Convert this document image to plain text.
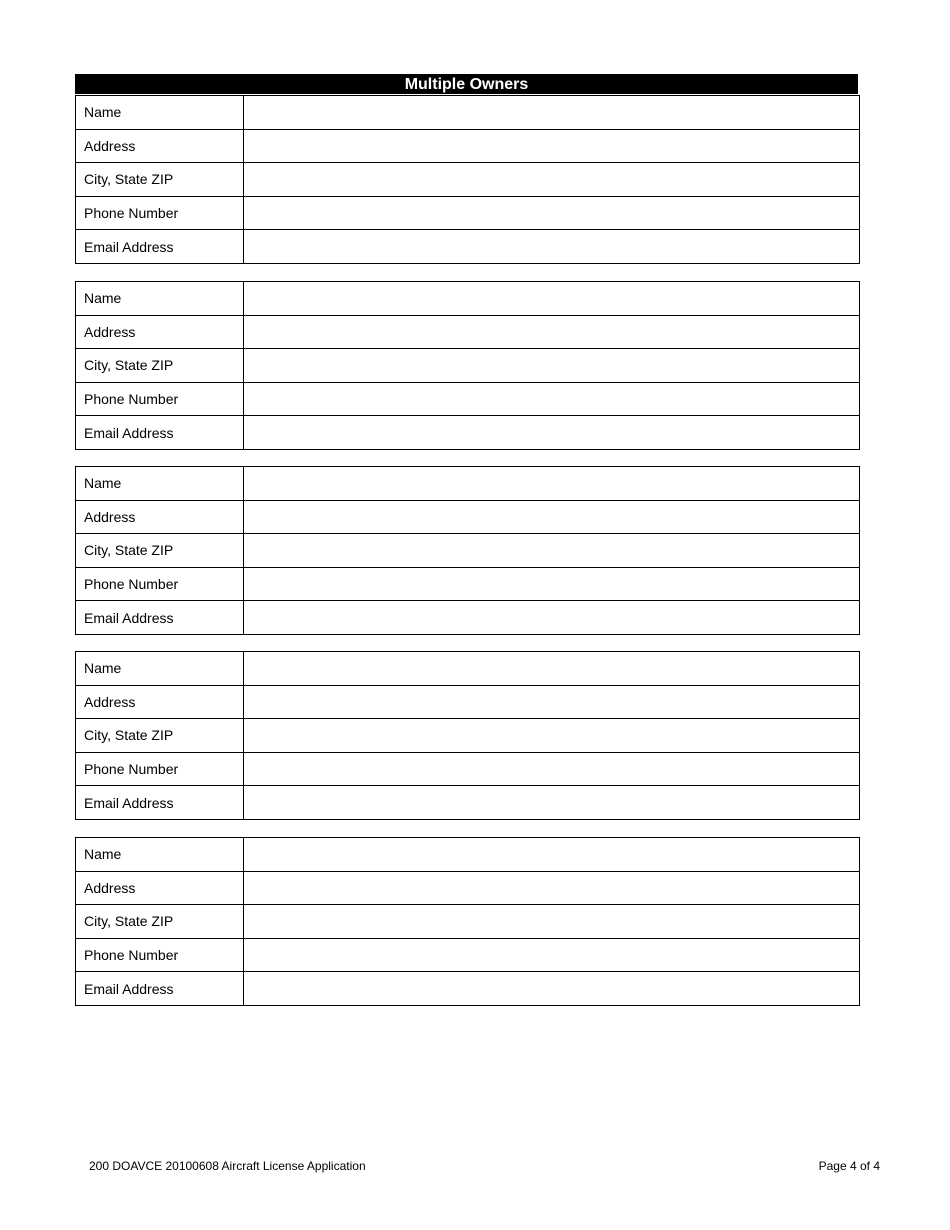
Multiple Owners
Name	

Address	

City, State ZIP	

Phone Number	

Email Address	
Name	

Address	

City, State ZIP	

Phone Number	

Email Address	
Name	

Address	

City, State ZIP	

Phone Number	

Email Address	
Name	

Address	

City, State ZIP	

Phone Number	

Email Address	
Name	

Address	

City, State ZIP	

Phone Number	

Email Address	
200 DOAVCE 20100608 Aircraft License Application	Page 4 of 4
